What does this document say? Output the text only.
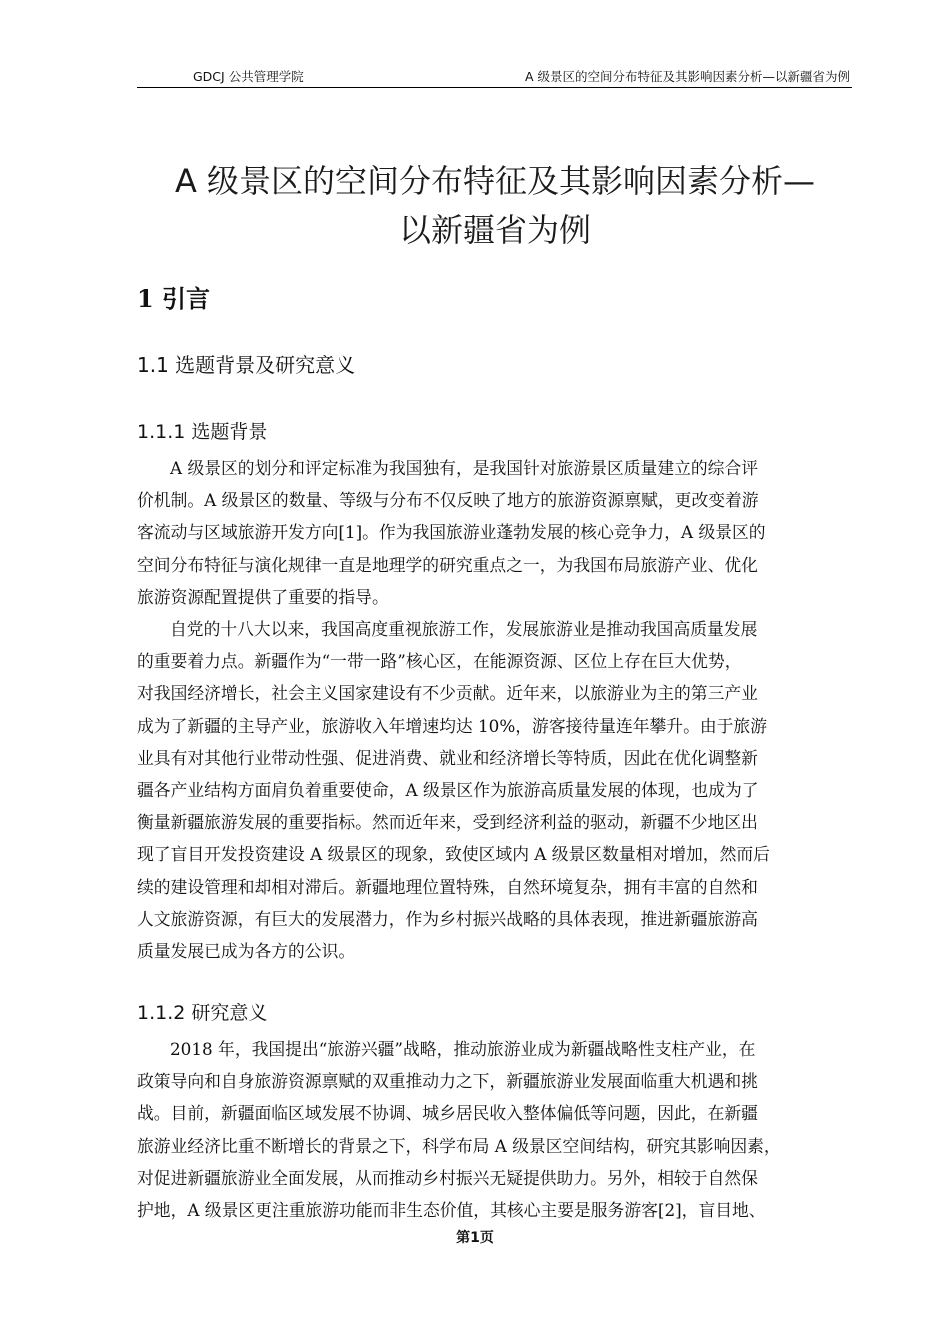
GDCJ 公共管理学院	A 级景区的空间分布特征及其影响因素分析—以新疆省为例
A 级景区的空间分布特征及其影响因素分析—
以新疆省为例
1 引言
1.1 选题背景及研究意义
1.1.1 选题背景
A 级景区的划分和评定标准为我国独有，是我国针对旅游景区质量建立的综合评
价机制。A 级景区的数量、等级与分布不仅反映了地方的旅游资源禀赋，更改变着游
客流动与区域旅游开发方向[1]。作为我国旅游业蓬勃发展的核心竞争力，A 级景区的
空间分布特征与演化规律一直是地理学的研究重点之一，为我国布局旅游产业、优化
旅游资源配置提供了重要的指导。
自党的十八大以来，我国高度重视旅游工作，发展旅游业是推动我国高质量发展
的重要着力点。新疆作为“一带一路”核心区，在能源资源、区位上存在巨大优势，
对我国经济增长，社会主义国家建设有不少贡献。近年来，以旅游业为主的第三产业
成为了新疆的主导产业，旅游收入年增速均达 10%，游客接待量连年攀升。由于旅游
业具有对其他行业带动性强、促进消费、就业和经济增长等特质，因此在优化调整新
疆各产业结构方面肩负着重要使命，A 级景区作为旅游高质量发展的体现，也成为了
衡量新疆旅游发展的重要指标。然而近年来，受到经济利益的驱动，新疆不少地区出
现了盲目开发投资建设 A 级景区的现象，致使区域内 A 级景区数量相对增加，然而后
续的建设管理和却相对滞后。新疆地理位置特殊，自然环境复杂，拥有丰富的自然和
人文旅游资源，有巨大的发展潜力，作为乡村振兴战略的具体表现，推进新疆旅游高
质量发展已成为各方的公识。
1.1.2 研究意义
2018 年，我国提出“旅游兴疆”战略，推动旅游业成为新疆战略性支柱产业，在
政策导向和自身旅游资源禀赋的双重推动力之下，新疆旅游业发展面临重大机遇和挑
战。目前，新疆面临区域发展不协调、城乡居民收入整体偏低等问题，因此，在新疆
旅游业经济比重不断增长的背景之下，科学布局 A 级景区空间结构，研究其影响因素，
对促进新疆旅游业全面发展，从而推动乡村振兴无疑提供助力。另外，相较于自然保
护地，A 级景区更注重旅游功能而非生态价值，其核心主要是服务游客[2]，盲目地、
第1页
